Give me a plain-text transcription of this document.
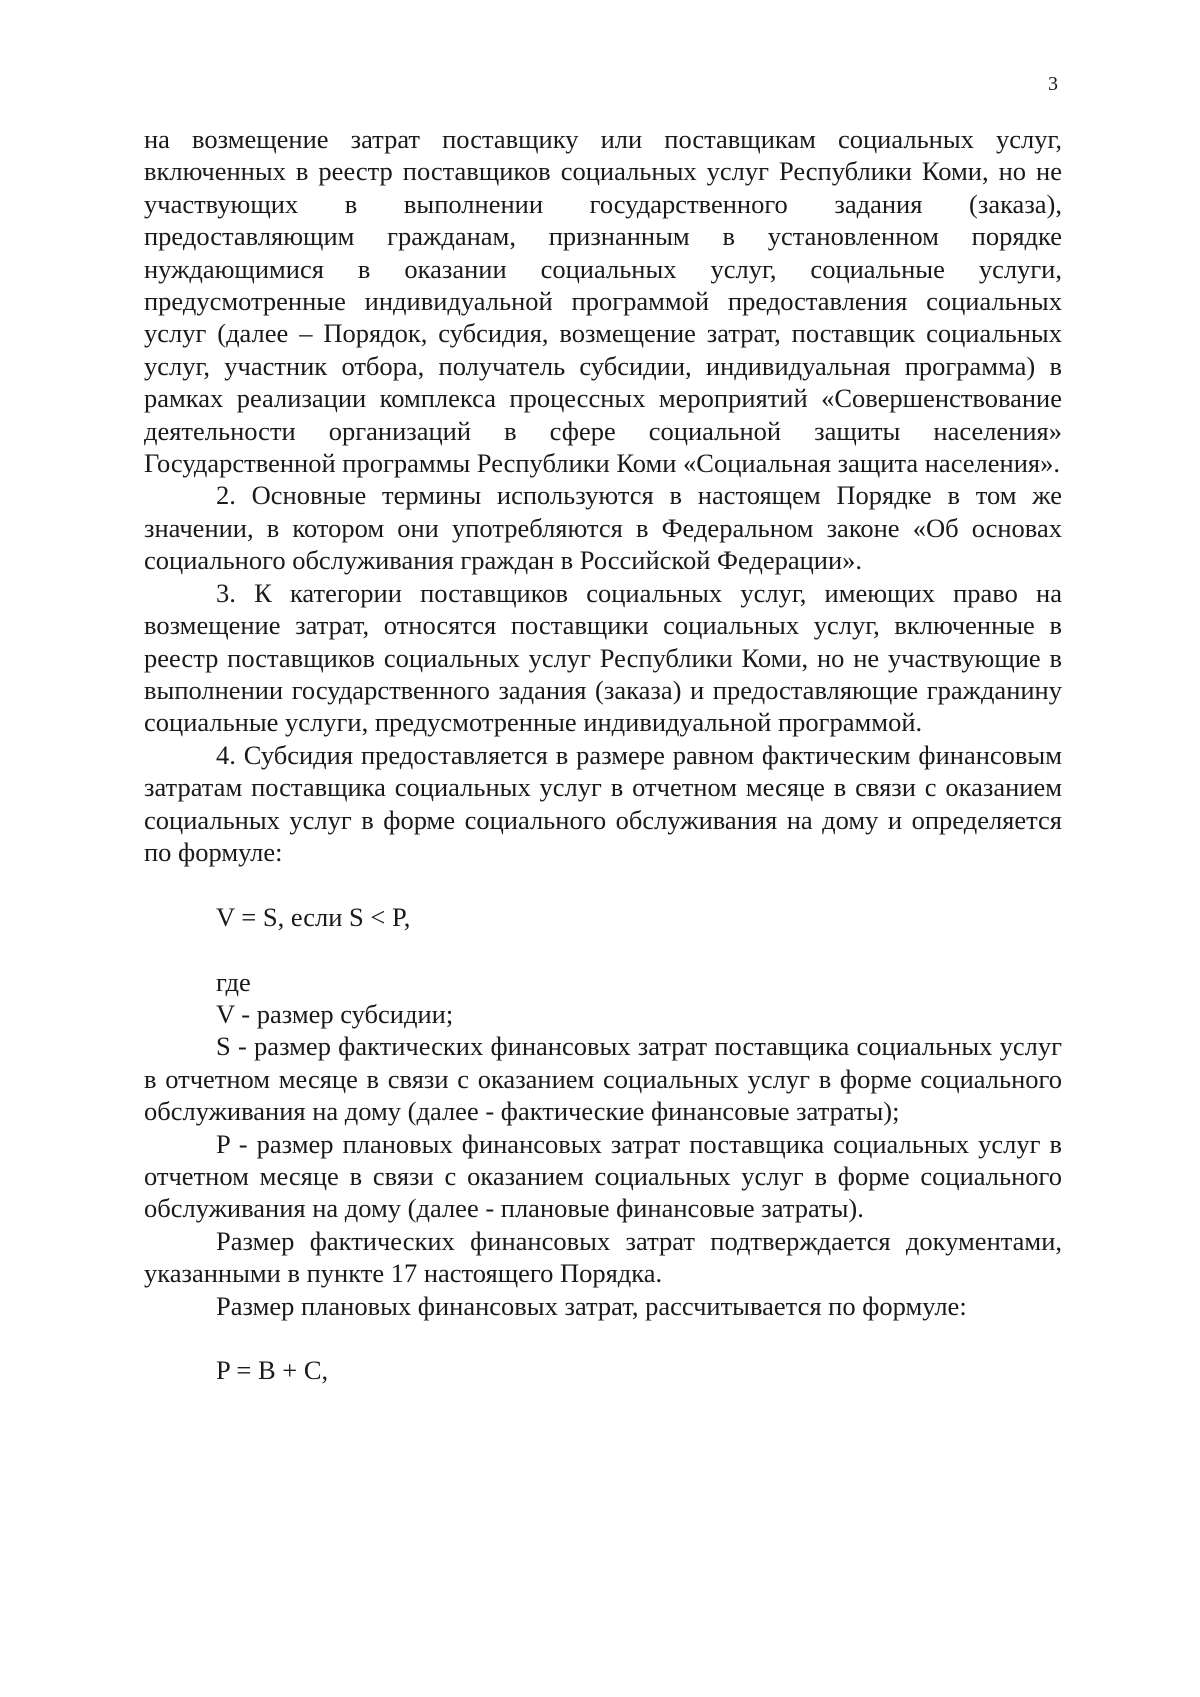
3

на возмещение затрат поставщику или поставщикам социальных услуг, включенных в реестр поставщиков социальных услуг Республики Коми, но не участвующих в выполнении государственного задания (заказа), предоставляющим гражданам, признанным в установленном порядке нуждающимися в оказании социальных услуг, социальные услуги, предусмотренные индивидуальной программой предоставления социальных услуг (далее – Порядок, субсидия, возмещение затрат, поставщик социальных услуг, участник отбора, получатель субсидии, индивидуальная программа) в рамках реализации комплекса процессных мероприятий «Совершенствование деятельности организаций в сфере социальной защиты населения» Государственной программы Республики Коми «Социальная защита населения».

2. Основные термины используются в настоящем Порядке в том же значении, в котором они употребляются в Федеральном законе «Об основах социального обслуживания граждан в Российской Федерации».

3. К категории поставщиков социальных услуг, имеющих право на возмещение затрат, относятся поставщики социальных услуг, включенные в реестр поставщиков социальных услуг Республики Коми, но не участвующие в выполнении государственного задания (заказа) и предоставляющие гражданину социальные услуги, предусмотренные индивидуальной программой.

4. Субсидия предоставляется в размере равном фактическим финансовым затратам поставщика социальных услуг в отчетном месяце в связи с оказанием социальных услуг в форме социального обслуживания на дому и определяется по формуле:

V = S, если S < P,

где

V - размер субсидии;

S - размер фактических финансовых затрат поставщика социальных услуг в отчетном месяце в связи с оказанием социальных услуг в форме социального обслуживания на дому (далее - фактические финансовые затраты);

P - размер плановых финансовых затрат поставщика социальных услуг в отчетном месяце в связи с оказанием социальных услуг в форме социального обслуживания на дому (далее - плановые финансовые затраты).

Размер фактических финансовых затрат подтверждается документами, указанными в пункте 17 настоящего Порядка.

Размер плановых финансовых затрат, рассчитывается по формуле:

P = B + C,
